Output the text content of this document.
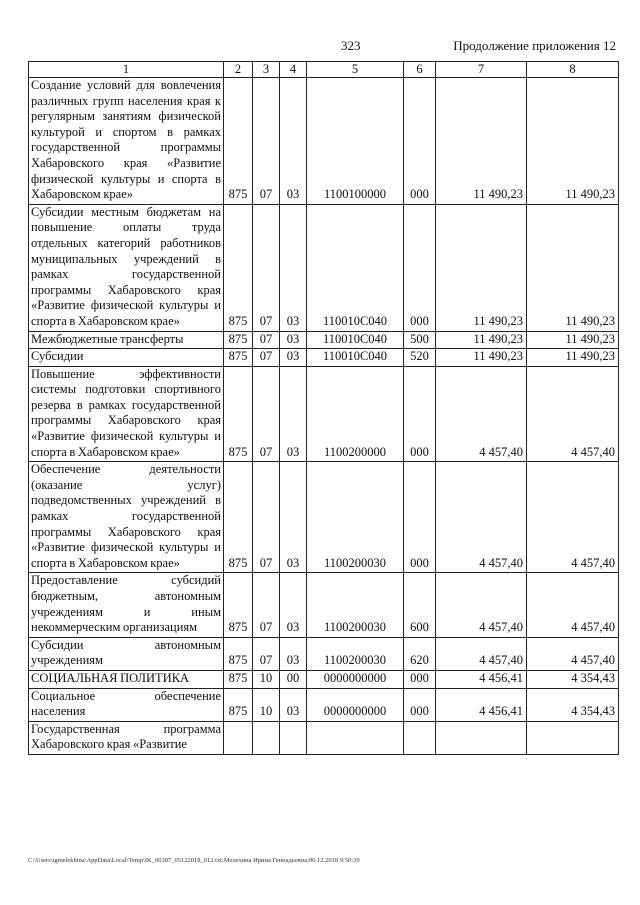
323	Продолжение приложения 12
1	2	3	4	5	6	7	8
Создание условий для вовлечения различных групп населения края к регулярным занятиям физической культурой и спортом в рамках государственной программы Хабаровского края «Развитие физической культуры и спорта в Хабаровском крае»	875	07	03	1100100000	000	11 490,23	11 490,23
Субсидии местным бюджетам на повышение оплаты труда отдельных категорий работников муниципальных учреждений в рамках государственной программы Хабаровского края «Развитие физической культуры и спорта в Хабаровском крае»	875	07	03	110010С040	000	11 490,23	11 490,23
Межбюджетные трансферты	875	07	03	110010С040	500	11 490,23	11 490,23
Субсидии	875	07	03	110010С040	520	11 490,23	11 490,23
Повышение эффективности системы подготовки спортивного резерва в рамках государственной программы Хабаровского края «Развитие физической культуры и спорта в Хабаровском крае»	875	07	03	1100200000	000	4 457,40	4 457,40
Обеспечение деятельности (оказание услуг) подведомственных учреждений в рамках государственной программы Хабаровского края «Развитие физической культуры и спорта в Хабаровском крае»	875	07	03	1100200030	000	4 457,40	4 457,40
Предоставление субсидий бюджетным, автономным учреждениям и иным некоммерческим организациям	875	07	03	1100200030	600	4 457,40	4 457,40
Субсидии автономным учреждениям	875	07	03	1100200030	620	4 457,40	4 457,40
СОЦИАЛЬНАЯ ПОЛИТИКА	875	10	00	0000000000	000	4 456,41	4 354,43
Социальное обеспечение населения	875	10	03	0000000000	000	4 456,41	4 354,43
Государственная программа Хабаровского края «Развитие							
C:\Users\igmelekhina\AppData\Local\Temp\IK_00387_05122018_012.txt;Мелехина Ирина Геннадьевна;06.12.2018 9:50:39
